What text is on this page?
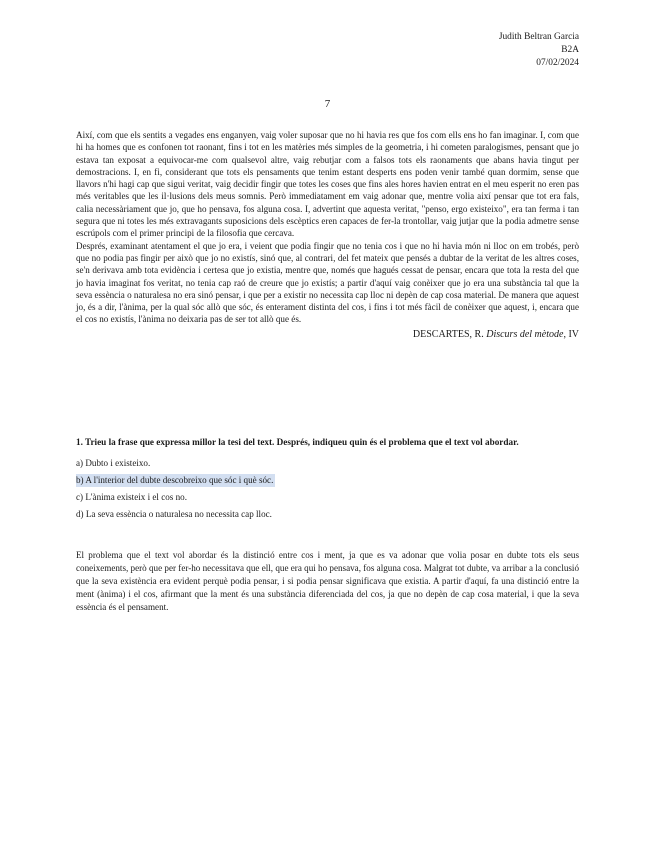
Judith Beltran Garcia
B2A
07/02/2024
7

Així, com que els sentits a vegades ens enganyen, vaig voler suposar que no hi havia res que fos com ells ens ho fan imaginar. I, com que hi ha homes que es confonen tot raonant, fins i tot en les matèries més simples de la geometria, i hi cometen paralogismes, pensant que jo estava tan exposat a equivocar-me com qualsevol altre, vaig rebutjar com a falsos tots els raonaments que abans havia tingut per demostracions. I, en fi, considerant que tots els pensaments que tenim estant desperts ens poden venir també quan dormim, sense que llavors n'hi hagi cap que sigui veritat, vaig decidir fingir que totes les coses que fins ales hores havien entrat en el meu esperit no eren pas més veritables que les il·lusions dels meus somnis. Però immediatament em vaig adonar que, mentre volia així pensar que tot era fals, calia necessàriament que jo, que ho pensava, fos alguna cosa. I, advertint que aquesta veritat, "penso, ergo existeixo", era tan ferma i tan segura que ni totes les més extravagants suposicions dels escèptics eren capaces de fer-la trontollar, vaig jutjar que la podia admetre sense escrúpols com el primer principi de la filosofia que cercava.

Després, examinant atentament el que jo era, i veient que podia fingir que no tenia cos i que no hi havia món ni lloc on em trobés, però que no podia pas fingir per això que jo no existís, sinó que, al contrari, del fet mateix que pensés a dubtar de la veritat de les altres coses, se'n derivava amb tota evidència i certesa que jo existia, mentre que, només que hagués cessat de pensar, encara que tota la resta del que jo havia imaginat fos veritat, no tenia cap raó de creure que jo existís; a partir d'aquí vaig conèixer que jo era una substància tal que la seva essència o naturalesa no era sinó pensar, i que per a existir no necessita cap lloc ni depèn de cap cosa material. De manera que aquest jo, és a dir, l'ànima, per la qual sóc allò que sóc, és enterament distinta del cos, i fins i tot més fàcil de conèixer que aquest, i, encara que el cos no existís, l'ànima no deixaria pas de ser tot allò que és.

DESCARTES, R. Discurs del mètode, IV

1. Trieu la frase que expressa millor la tesi del text. Després, indiqueu quin és el problema que el text vol abordar.

a) Dubto i existeixo.
b) A l'interior del dubte descobreixo que sóc i què sóc.
c) L'ànima existeix i el cos no.
d) La seva essència o naturalesa no necessita cap lloc.

El problema que el text vol abordar és la distinció entre cos i ment, ja que es va adonar que volia posar en dubte tots els seus coneixements, però que per fer-ho necessitava que ell, que era qui ho pensava, fos alguna cosa. Malgrat tot dubte, va arribar a la conclusió que la seva existència era evident perquè podia pensar, i si podia pensar significava que existia. A partir d'aquí, fa una distinció entre la ment (ànima) i el cos, afirmant que la ment és una substància diferenciada del cos, ja que no depèn de cap cosa material, i que la seva essència és el pensament.
